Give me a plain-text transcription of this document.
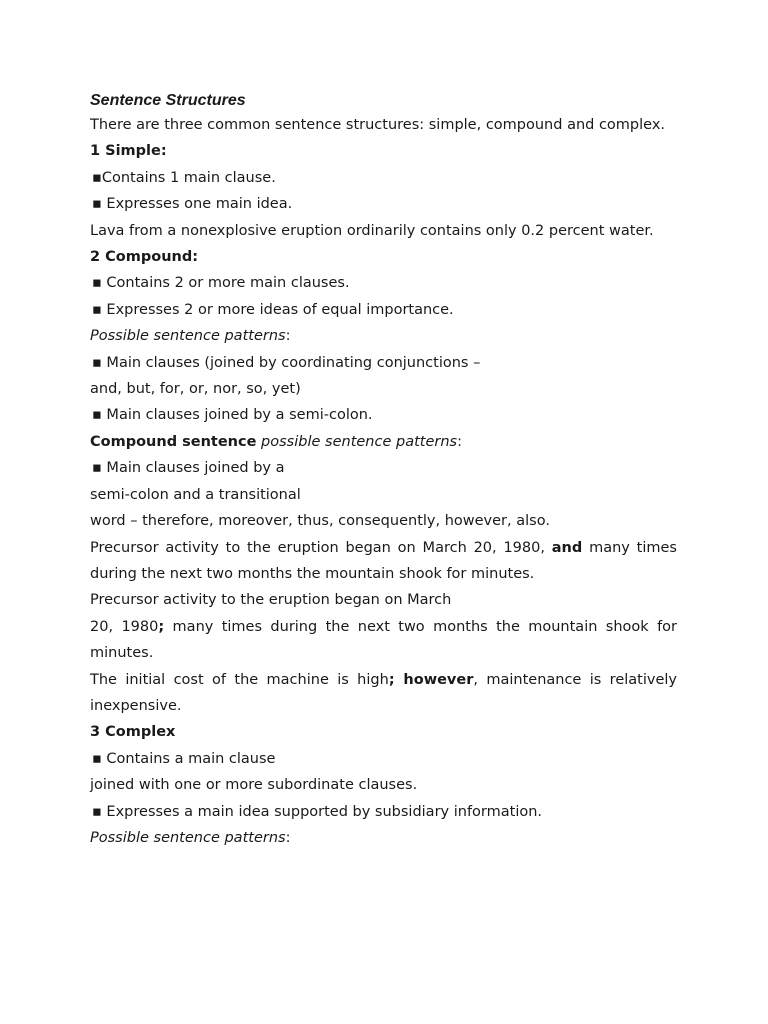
Sentence Structures

There are three common sentence structures: simple, compound and complex.

1 Simple:

▪Contains 1 main clause.

▪ Expresses one main idea.

Lava from a nonexplosive eruption ordinarily contains only 0.2 percent water.

2 Compound:

▪ Contains 2 or more main clauses.

▪ Expresses 2 or more ideas of equal importance.

Possible sentence patterns:

▪ Main clauses (joined by coordinating conjunctions –

and, but, for, or, nor, so, yet)

▪ Main clauses joined by a semi-colon.

Compound sentence possible sentence patterns:

▪ Main clauses joined by a

semi-colon and a transitional

word – therefore, moreover, thus, consequently, however, also.

Precursor activity to the eruption began on March 20, 1980, and many times during the next two months the mountain shook for minutes.

Precursor activity to the eruption began on March

20, 1980; many times during the next two months the mountain shook for minutes.

The initial cost of the machine is high; however, maintenance is relatively inexpensive.

3 Complex

▪ Contains a main clause

joined with one or more subordinate clauses.

▪ Expresses a main idea supported by subsidiary information.

Possible sentence patterns:
